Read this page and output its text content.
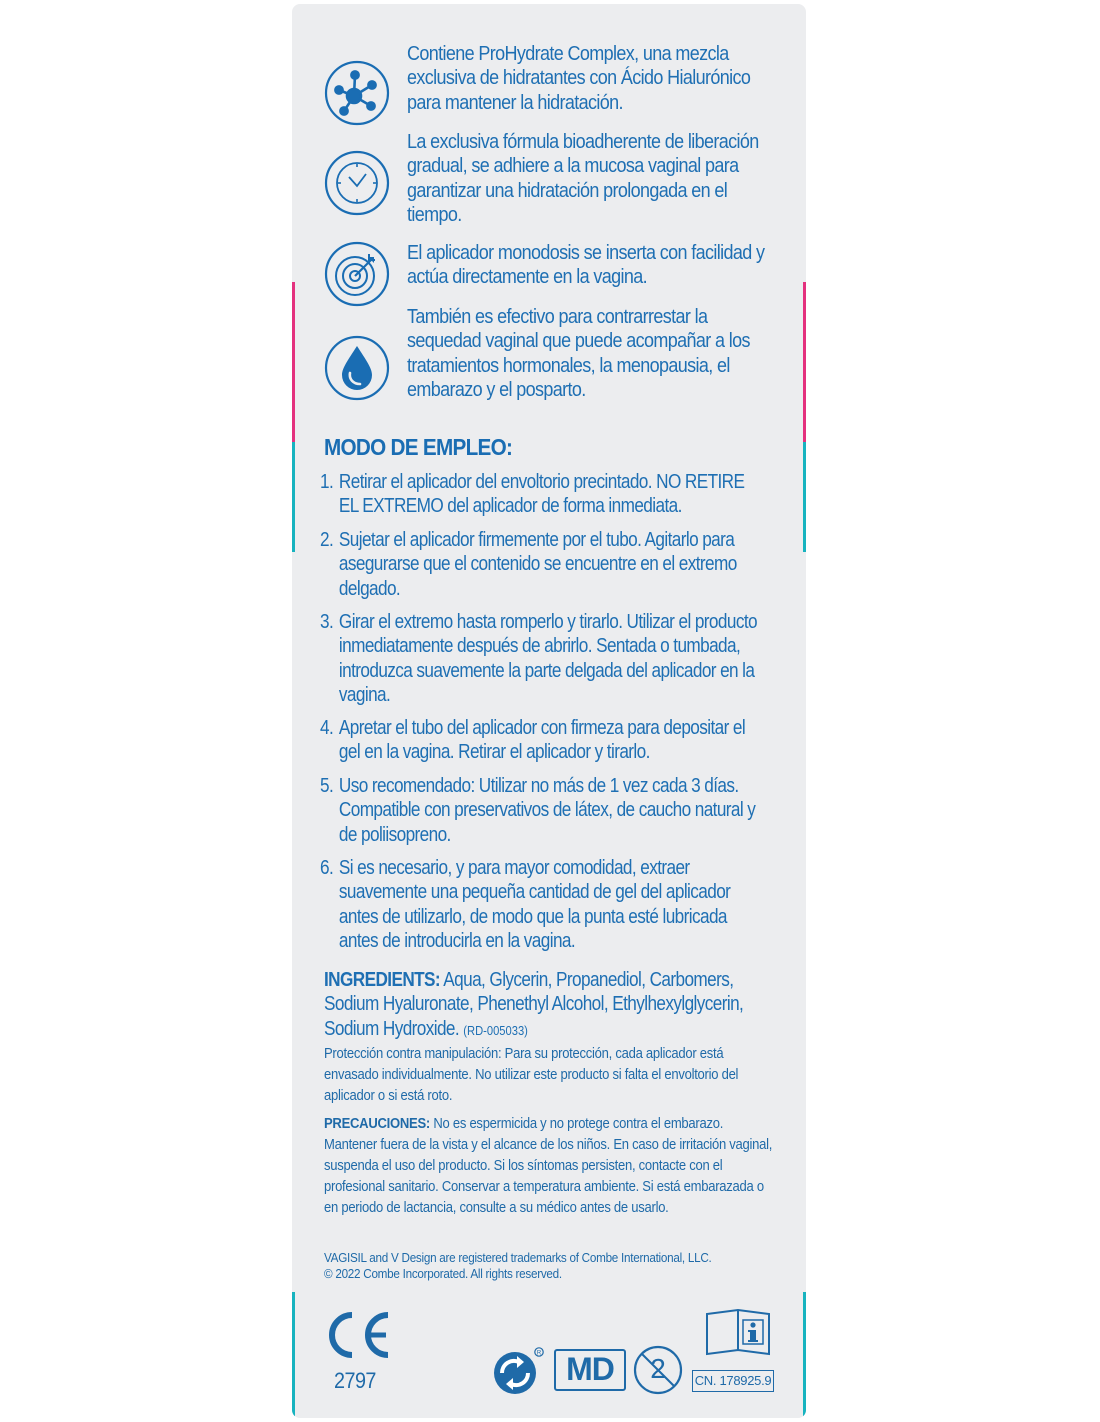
Contiene ProHydrate Complex, una mezcla exclusiva de hidratantes con Ácido Hialurónico para mantener la hidratación.
La exclusiva fórmula bioadherente de liberación gradual, se adhiere a la mucosa vaginal para garantizar una hidratación prolongada en el tiempo.
El aplicador monodosis se inserta con facilidad y actúa directamente en la vagina.
También es efectivo para contrarrestar la sequedad vaginal que puede acompañar a los tratamientos hormonales, la menopausia, el embarazo y el posparto.
MODO DE EMPLEO:
1. Retirar el aplicador del envoltorio precintado. NO RETIRE EL EXTREMO del aplicador de forma inmediata.
2. Sujetar el aplicador firmemente por el tubo. Agitarlo para asegurarse que el contenido se encuentre en el extremo delgado.
3. Girar el extremo hasta romperlo y tirarlo. Utilizar el producto inmediatamente después de abrirlo. Sentada o tumbada, introduzca suavemente la parte delgada del aplicador en la vagina.
4. Apretar el tubo del aplicador con firmeza para depositar el gel en la vagina. Retirar el aplicador y tirarlo.
5. Uso recomendado: Utilizar no más de 1 vez cada 3 días. Compatible con preservativos de látex, de caucho natural y de poliisopreno.
6. Si es necesario, y para mayor comodidad, extraer suavemente una pequeña cantidad de gel del aplicador antes de utilizarlo, de modo que la punta esté lubricada antes de introducirla en la vagina.
INGREDIENTS: Aqua, Glycerin, Propanediol, Carbomers, Sodium Hyaluronate, Phenethyl Alcohol, Ethylhexylglycerin, Sodium Hydroxide. (RD-005033)
Protección contra manipulación: Para su protección, cada aplicador está envasado individualmente. No utilizar este producto si falta el envoltorio del aplicador o si está roto.
PRECAUCIONES: No es espermicida y no protege contra el embarazo. Mantener fuera de la vista y el alcance de los niños. En caso de irritación vaginal, suspenda el uso del producto. Si los síntomas persisten, contacte con el profesional sanitario. Conservar a temperatura ambiente. Si está embarazada o en periodo de lactancia, consulte a su médico antes de usarlo.
VAGISIL and V Design are registered trademarks of Combe International, LLC.
© 2022 Combe Incorporated. All rights reserved.
2797
R MD	2	CN. 178925.9
